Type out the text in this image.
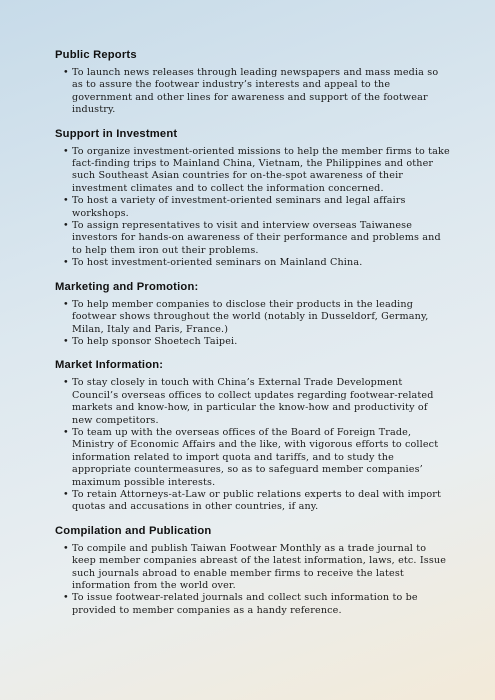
Public Reports
• To launch news releases through leading newspapers and mass media so as to assure the footwear industry’s interests and appeal to the government and other lines for awareness and support of the footwear industry.
Support in Investment
• To organize investment-oriented missions to help the member firms to take fact-finding trips to Mainland China, Vietnam, the Philippines and other such Southeast Asian countries for on-the-spot awareness of their investment climates and to collect the information concerned.
• To host a variety of investment-oriented seminars and legal affairs workshops.
• To assign representatives to visit and interview overseas Taiwanese investors for hands-on awareness of their performance and problems and to help them iron out their problems.
• To host investment-oriented seminars on Mainland China.
Marketing and Promotion:
• To help member companies to disclose their products in the leading footwear shows throughout the world (notably in Dusseldorf, Germany, Milan, Italy and Paris, France.)
• To help sponsor Shoetech Taipei.
Market Information:
• To stay closely in touch with China’s External Trade Development Council’s overseas offices to collect updates regarding footwear-related markets and know-how, in particular the know-how and productivity of new competitors.
• To team up with the overseas offices of the Board of Foreign Trade, Ministry of Economic Affairs and the like, with vigorous efforts to collect information related to import quota and tariffs, and to study the appropriate countermeasures, so as to safeguard member companies’ maximum possible interests.
• To retain Attorneys-at-Law or public relations experts to deal with import quotas and accusations in other countries, if any.
Compilation and Publication
• To compile and publish Taiwan Footwear Monthly as a trade journal to keep member companies abreast of the latest information, laws, etc. Issue such journals abroad to enable member firms to receive the latest information from the world over.
• To issue footwear-related journals and collect such information to be provided to member companies as a handy reference.
